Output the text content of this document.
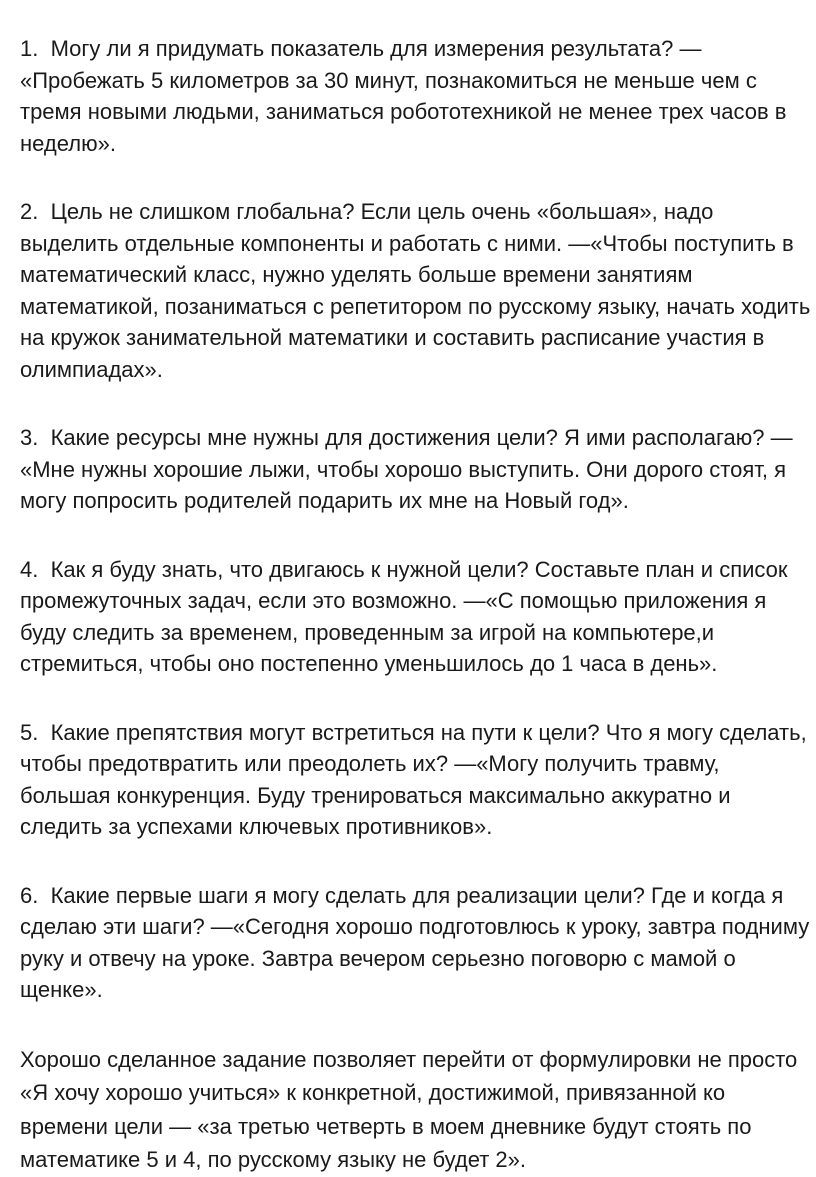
1. Могу ли я придумать показатель для измерения результата? — «Пробежать 5 километров за 30 минут, познакомиться не меньше чем с тремя новыми людьми, заниматься робототехникой не менее трех часов в неделю».

2. Цель не слишком глобальна? Если цель очень «большая», надо выделить отдельные компоненты и работать с ними. —«Чтобы поступить в математический класс, нужно уделять больше времени занятиям математикой, позаниматься с репетитором по русскому языку, начать ходить на кружок занимательной математики и составить расписание участия в олимпиадах».

3. Какие ресурсы мне нужны для достижения цели? Я ими располагаю? — «Мне нужны хорошие лыжи, чтобы хорошо выступить. Они дорого стоят, я могу попросить родителей подарить их мне на Новый год».

4. Как я буду знать, что двигаюсь к нужной цели? Составьте план и список промежуточных задач, если это возможно. —«С помощью приложения я буду следить за временем, проведенным за игрой на компьютере,и стремиться, чтобы оно постепенно уменьшилось до 1 часа в день».

5. Какие препятствия могут встретиться на пути к цели? Что я могу сделать, чтобы предотвратить или преодолеть их? —«Могу получить травму, большая конкуренция. Буду тренироваться максимально аккуратно и следить за успехами ключевых противников».

6. Какие первые шаги я могу сделать для реализации цели? Где и когда я сделаю эти шаги? —«Сегодня хорошо подготовлюсь к уроку, завтра подниму руку и отвечу на уроке. Завтра вечером серьезно поговорю с мамой о щенке».

Хорошо сделанное задание позволяет перейти от формулировки не просто «Я хочу хорошо учиться» к конкретной, достижимой, привязанной ко времени цели — «за третью четверть в моем дневнике будут стоять по математике 5 и 4, по русскому языку не будет 2».
